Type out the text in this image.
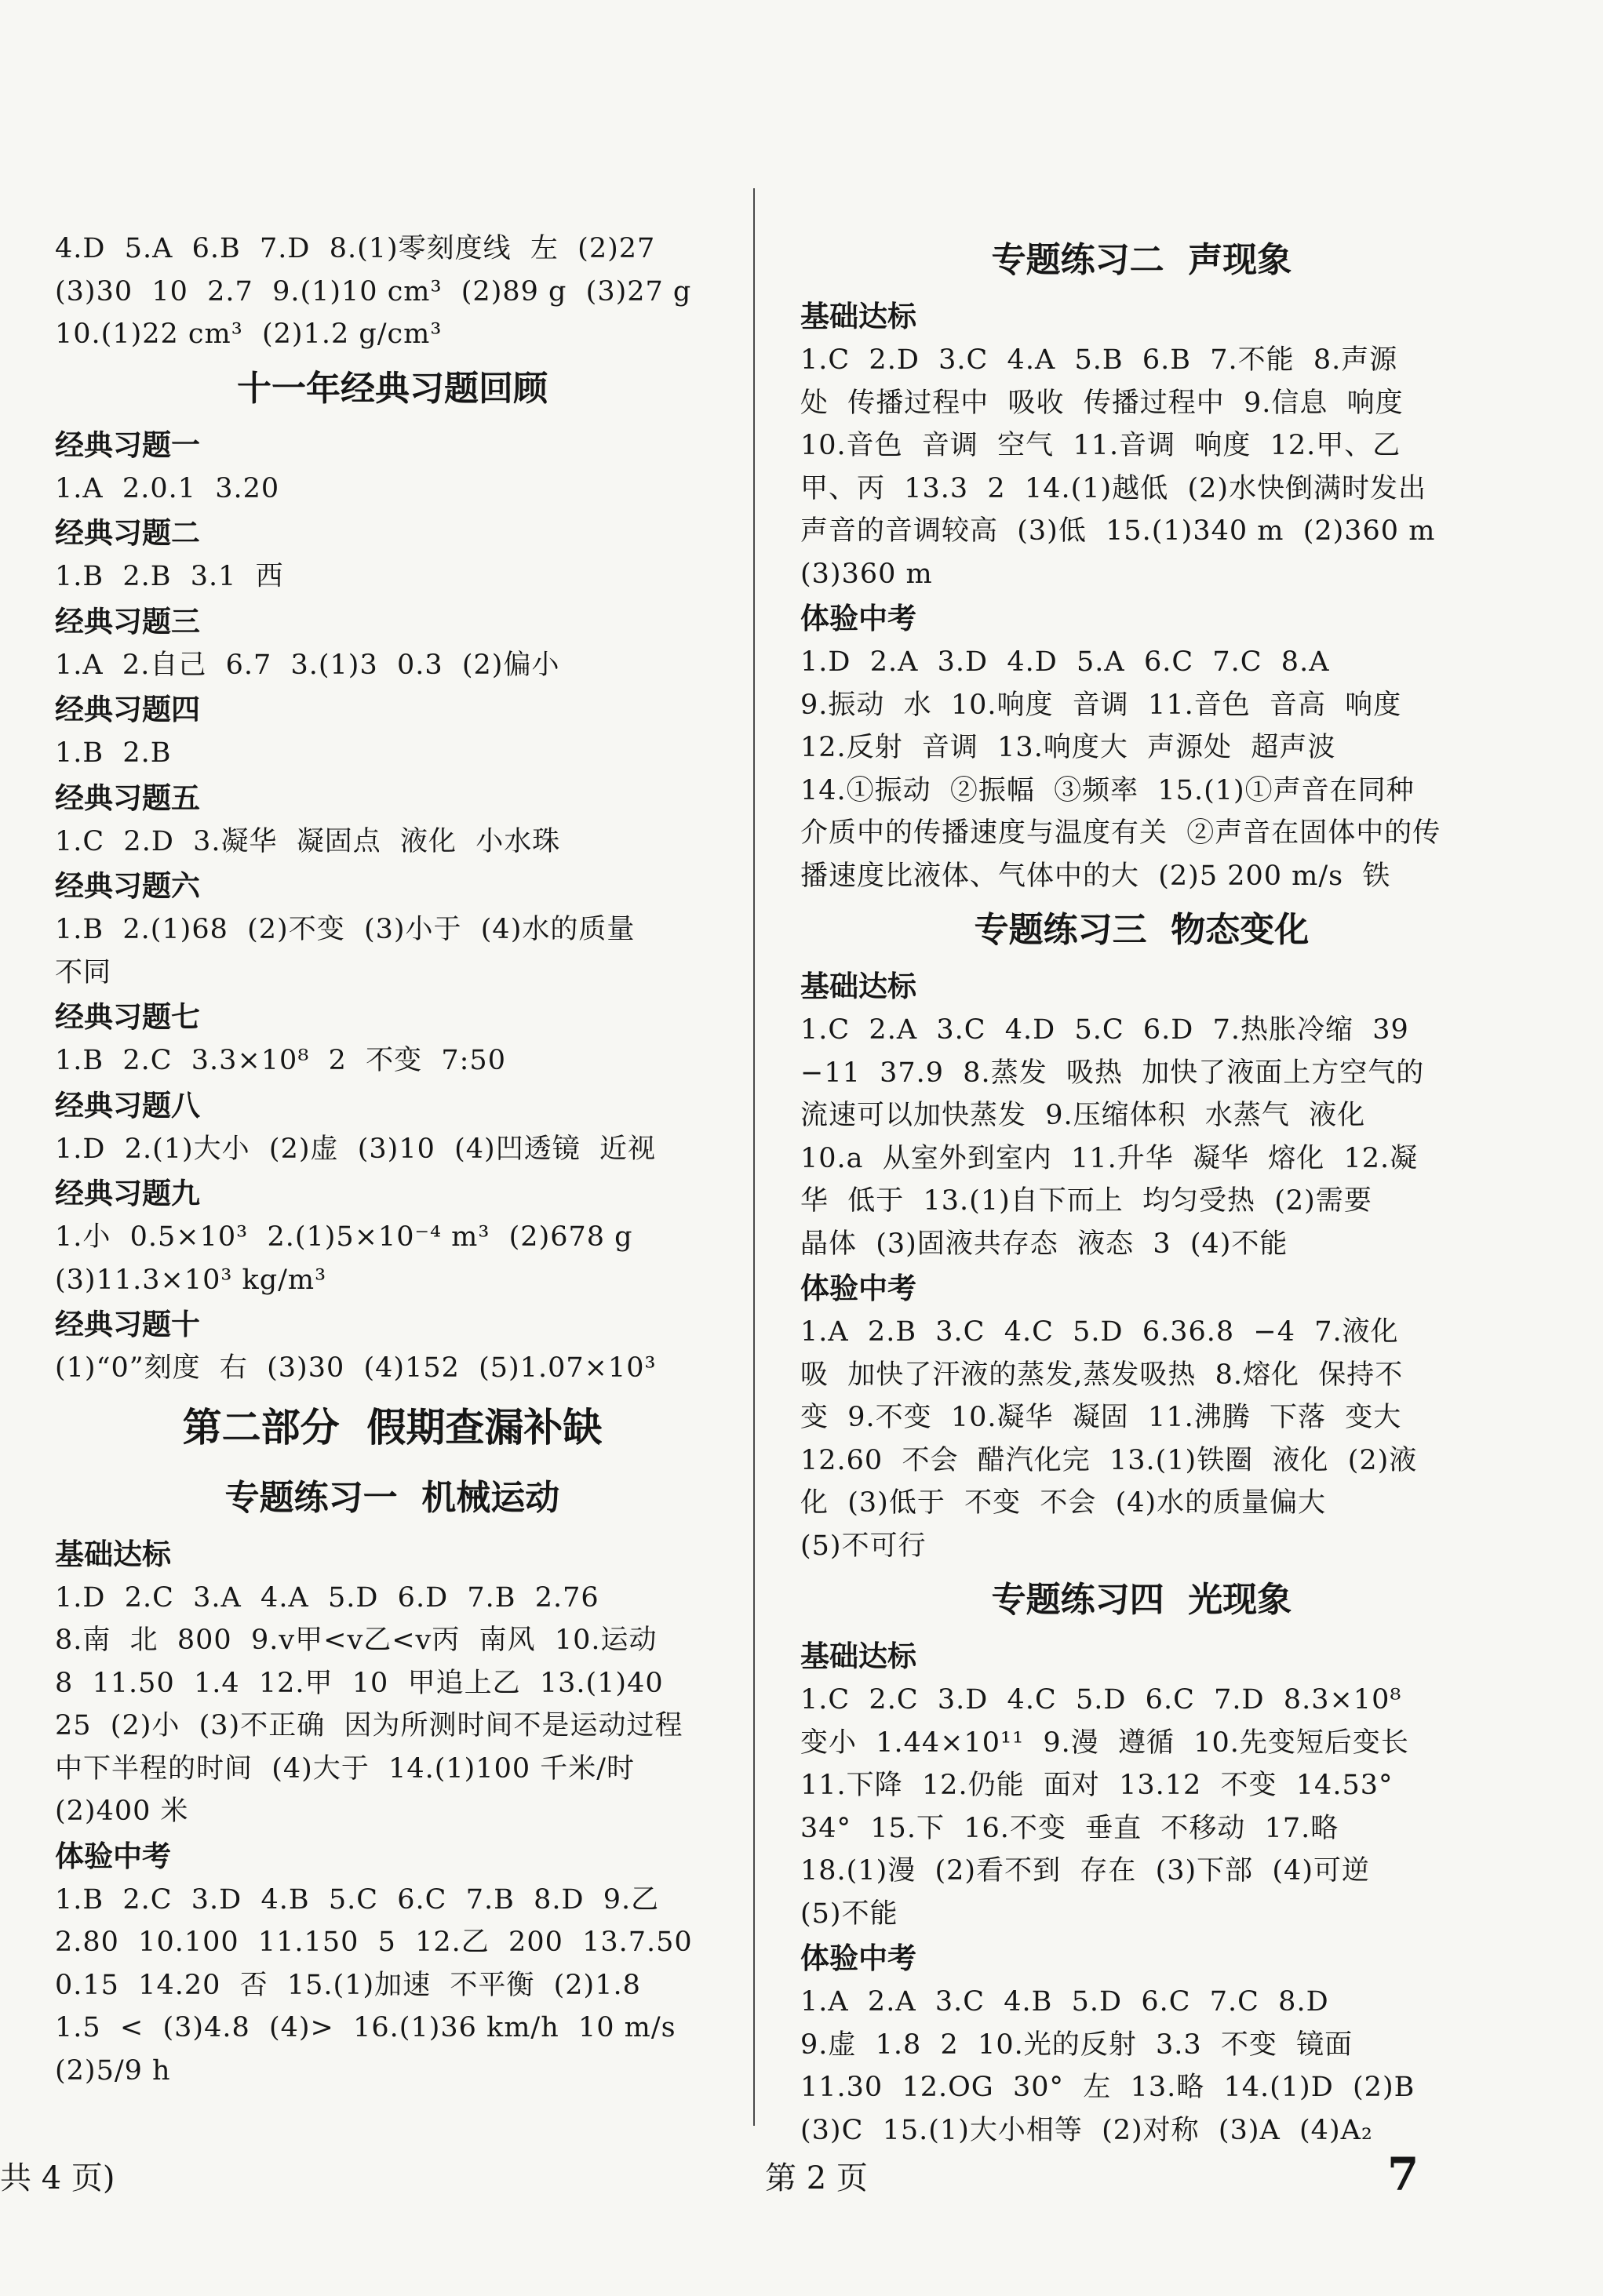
4.D  5.A  6.B  7.D  8.(1)零刻度线  左  (2)27
(3)30  10  2.7  9.(1)10 cm³  (2)89 g  (3)27 g
10.(1)22 cm³  (2)1.2 g/cm³
十一年经典习题回顾
经典习题一
1.A  2.0.1  3.20
经典习题二
1.B  2.B  3.1  西
经典习题三
1.A  2.自己  6.7  3.(1)3  0.3  (2)偏小
经典习题四
1.B  2.B
经典习题五
1.C  2.D  3.凝华  凝固点  液化  小水珠
经典习题六
1.B  2.(1)68  (2)不变  (3)小于  (4)水的质量
不同
经典习题七
1.B  2.C  3.3×10⁸  2  不变  7:50
经典习题八
1.D  2.(1)大小  (2)虚  (3)10  (4)凹透镜  近视
经典习题九
1.小  0.5×10³  2.(1)5×10⁻⁴ m³  (2)678 g
(3)11.3×10³ kg/m³
经典习题十
(1)“0”刻度  右  (3)30  (4)152  (5)1.07×10³
第二部分  假期查漏补缺
专题练习一  机械运动
基础达标
1.D  2.C  3.A  4.A  5.D  6.D  7.B  2.76
8.南  北  800  9.v甲<v乙<v丙  南风  10.运动
8  11.50  1.4  12.甲  10  甲追上乙  13.(1)40
25  (2)小  (3)不正确  因为所测时间不是运动过程
中下半程的时间  (4)大于  14.(1)100 千米/时
(2)400 米
体验中考
1.B  2.C  3.D  4.B  5.C  6.C  7.B  8.D  9.乙
2.80  10.100  11.150  5  12.乙  200  13.7.50
0.15  14.20  否  15.(1)加速  不平衡  (2)1.8
1.5  <  (3)4.8  (4)>  16.(1)36 km/h  10 m/s
(2)5/9 h
专题练习二  声现象
基础达标
1.C  2.D  3.C  4.A  5.B  6.B  7.不能  8.声源
处  传播过程中  吸收  传播过程中  9.信息  响度
10.音色  音调  空气  11.音调  响度  12.甲、乙
甲、丙  13.3  2  14.(1)越低  (2)水快倒满时发出
声音的音调较高  (3)低  15.(1)340 m  (2)360 m
(3)360 m
体验中考
1.D  2.A  3.D  4.D  5.A  6.C  7.C  8.A
9.振动  水  10.响度  音调  11.音色  音高  响度
12.反射  音调  13.响度大  声源处  超声波
14.①振动  ②振幅  ③频率  15.(1)①声音在同种
介质中的传播速度与温度有关  ②声音在固体中的传
播速度比液体、气体中的大  (2)5 200 m/s  铁
专题练习三  物态变化
基础达标
1.C  2.A  3.C  4.D  5.C  6.D  7.热胀冷缩  39
−11  37.9  8.蒸发  吸热  加快了液面上方空气的
流速可以加快蒸发  9.压缩体积  水蒸气  液化
10.a  从室外到室内  11.升华  凝华  熔化  12.凝
华  低于  13.(1)自下而上  均匀受热  (2)需要
晶体  (3)固液共存态  液态  3  (4)不能
体验中考
1.A  2.B  3.C  4.C  5.D  6.36.8  −4  7.液化
吸  加快了汗液的蒸发,蒸发吸热  8.熔化  保持不
变  9.不变  10.凝华  凝固  11.沸腾  下落  变大
12.60  不会  醋汽化完  13.(1)铁圈  液化  (2)液
化  (3)低于  不变  不会  (4)水的质量偏大
(5)不可行
专题练习四  光现象
基础达标
1.C  2.C  3.D  4.C  5.D  6.C  7.D  8.3×10⁸
变小  1.44×10¹¹  9.漫  遵循  10.先变短后变长
11.下降  12.仍能  面对  13.12  不变  14.53°
34°  15.下  16.不变  垂直  不移动  17.略
18.(1)漫  (2)看不到  存在  (3)下部  (4)可逆
(5)不能
体验中考
1.A  2.A  3.C  4.B  5.D  6.C  7.C  8.D
9.虚  1.8  2  10.光的反射  3.3  不变  镜面
11.30  12.OG  30°  左  13.略  14.(1)D  (2)B
(3)C  15.(1)大小相等  (2)对称  (3)A  (4)A₂
共 4 页)	第 2 页	7
